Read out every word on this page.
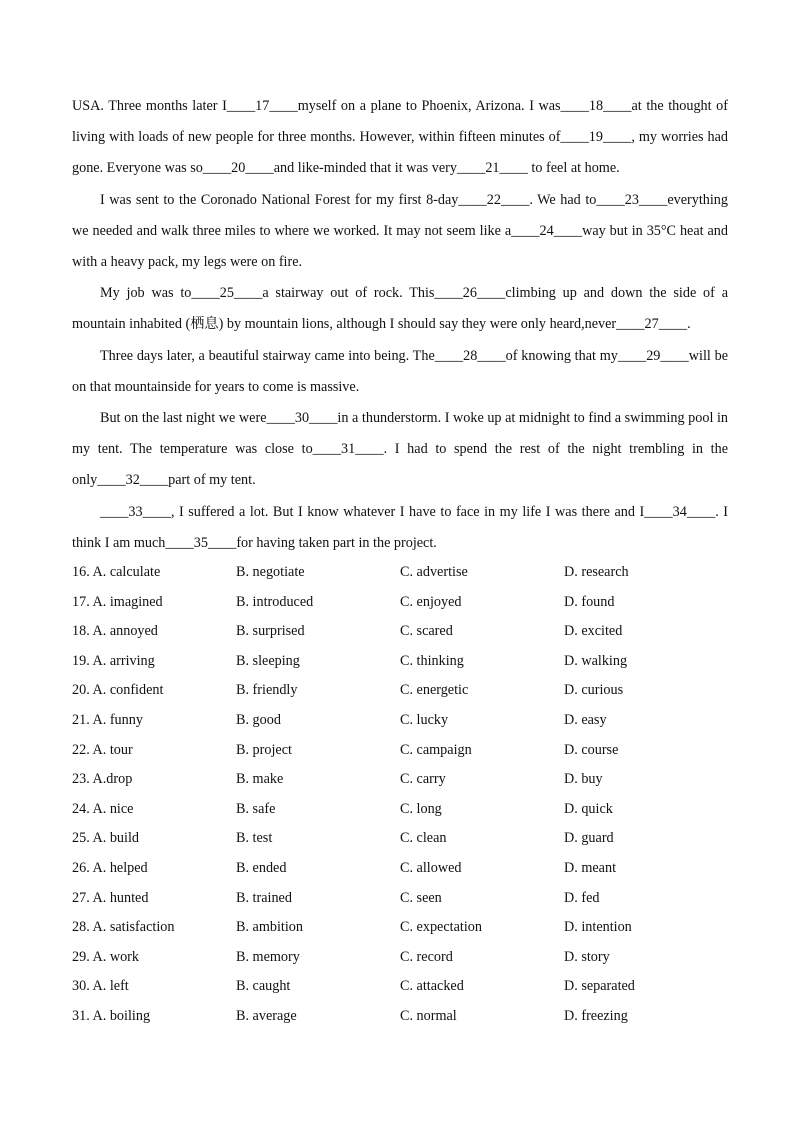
USA. Three months later I____17____myself on a plane to Phoenix, Arizona. I was____18____at the thought of

living with loads of new people for three months. However, within fifteen minutes of____19____, my worries had

gone. Everyone was so____20____and like-minded that it was very____21____ to feel at home.

I was sent to the Coronado National Forest for my first 8-day____22____. We had to____23____everything

we needed and walk three miles to where we worked. It may not seem like a____24____way but in 35°C heat and

with a heavy pack, my legs were on fire.

My job was to____25____a stairway out of rock. This____26____climbing up and down the side of a

mountain inhabited (栖息) by mountain lions, although I should say they were only heard,never____27____.

Three days later, a beautiful stairway came into being. The____28____of knowing that my____29____will be

on that mountainside for years to come is massive.

But on the last night we were____30____in a thunderstorm. I woke up at midnight to find a swimming pool in

my tent. The temperature was close to____31____. I had to spend the rest of the night trembling in the

only____32____part of my tent.

____33____, I suffered a lot. But I know whatever I have to face in my life I was there and I____34____. I

think I am much____35____for having taken part in the project.

16. A. calculate	B. negotiate	C. advertise	D. research
17. A. imagined	B. introduced	C. enjoyed	D. found
18. A. annoyed	B. surprised	C. scared	D. excited
19. A. arriving	B. sleeping	C. thinking	D. walking
20. A. confident	B. friendly	C. energetic	D. curious
21. A. funny	B. good	C. lucky	D. easy
22. A. tour	B. project	C. campaign	D. course
23. A.drop	B. make	C. carry	D. buy
24. A. nice	B. safe	C. long	D. quick
25. A. build	B. test	C. clean	D. guard
26. A. helped	B. ended	C. allowed	D. meant
27. A. hunted	B. trained	C. seen	D. fed
28. A. satisfaction	B. ambition	C. expectation	D. intention
29. A. work	B. memory	C. record	D. story
30. A. left	B. caught	C. attacked	D. separated
31. A. boiling	B. average	C. normal	D. freezing
